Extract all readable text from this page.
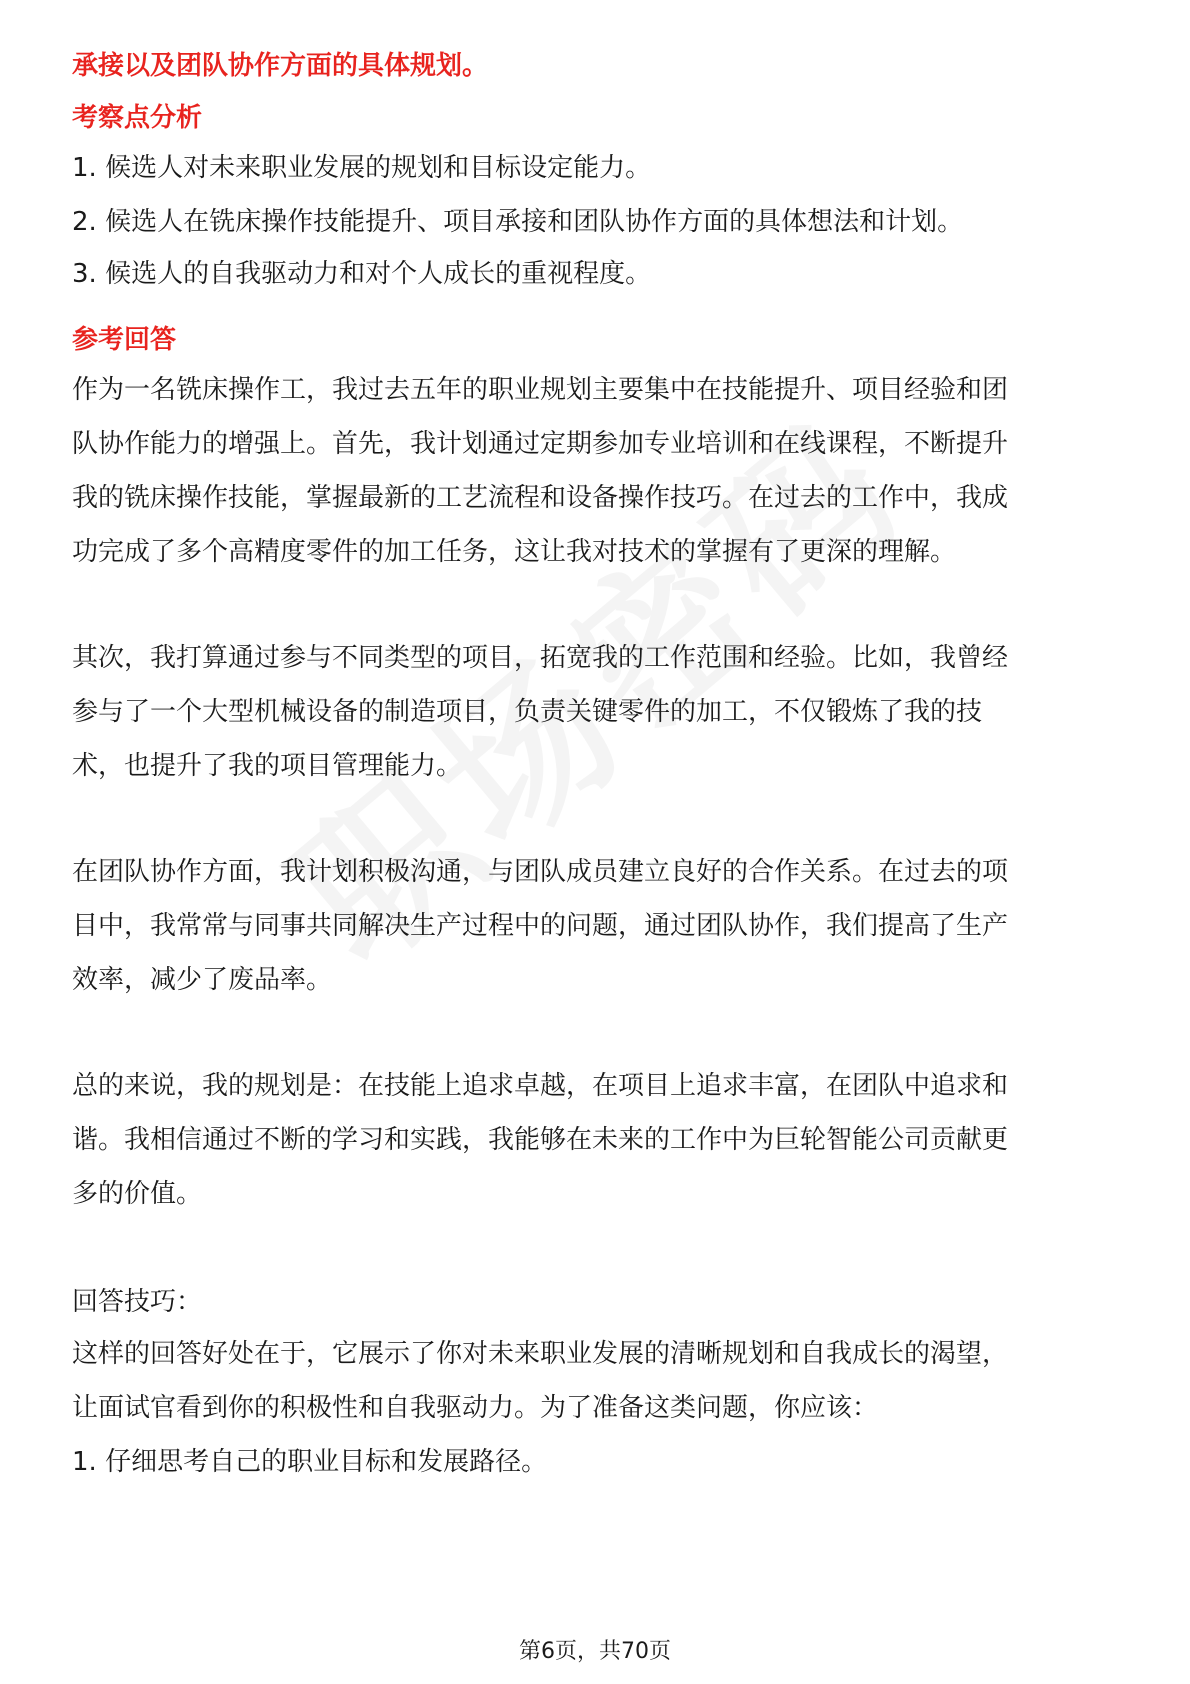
承接以及团队协作方面的具体规划。
考察点分析
1. 候选人对未来职业发展的规划和目标设定能力。
2. 候选人在铣床操作技能提升、项目承接和团队协作方面的具体想法和计划。
3. 候选人的自我驱动力和对个人成长的重视程度。
参考回答
作为一名铣床操作工，我过去五年的职业规划主要集中在技能提升、项目经验和团
队协作能力的增强上。首先，我计划通过定期参加专业培训和在线课程，不断提升
我的铣床操作技能，掌握最新的工艺流程和设备操作技巧。在过去的工作中，我成
功完成了多个高精度零件的加工任务，这让我对技术的掌握有了更深的理解。
其次，我打算通过参与不同类型的项目，拓宽我的工作范围和经验。比如，我曾经
参与了一个大型机械设备的制造项目，负责关键零件的加工，不仅锻炼了我的技
术，也提升了我的项目管理能力。
在团队协作方面，我计划积极沟通，与团队成员建立良好的合作关系。在过去的项
目中，我常常与同事共同解决生产过程中的问题，通过团队协作，我们提高了生产
效率，减少了废品率。
总的来说，我的规划是：在技能上追求卓越，在项目上追求丰富，在团队中追求和
谐。我相信通过不断的学习和实践，我能够在未来的工作中为巨轮智能公司贡献更
多的价值。
回答技巧：
这样的回答好处在于，它展示了你对未来职业发展的清晰规划和自我成长的渴望，
让面试官看到你的积极性和自我驱动力。为了准备这类问题，你应该：
1. 仔细思考自己的职业目标和发展路径。
第6页，共70页
